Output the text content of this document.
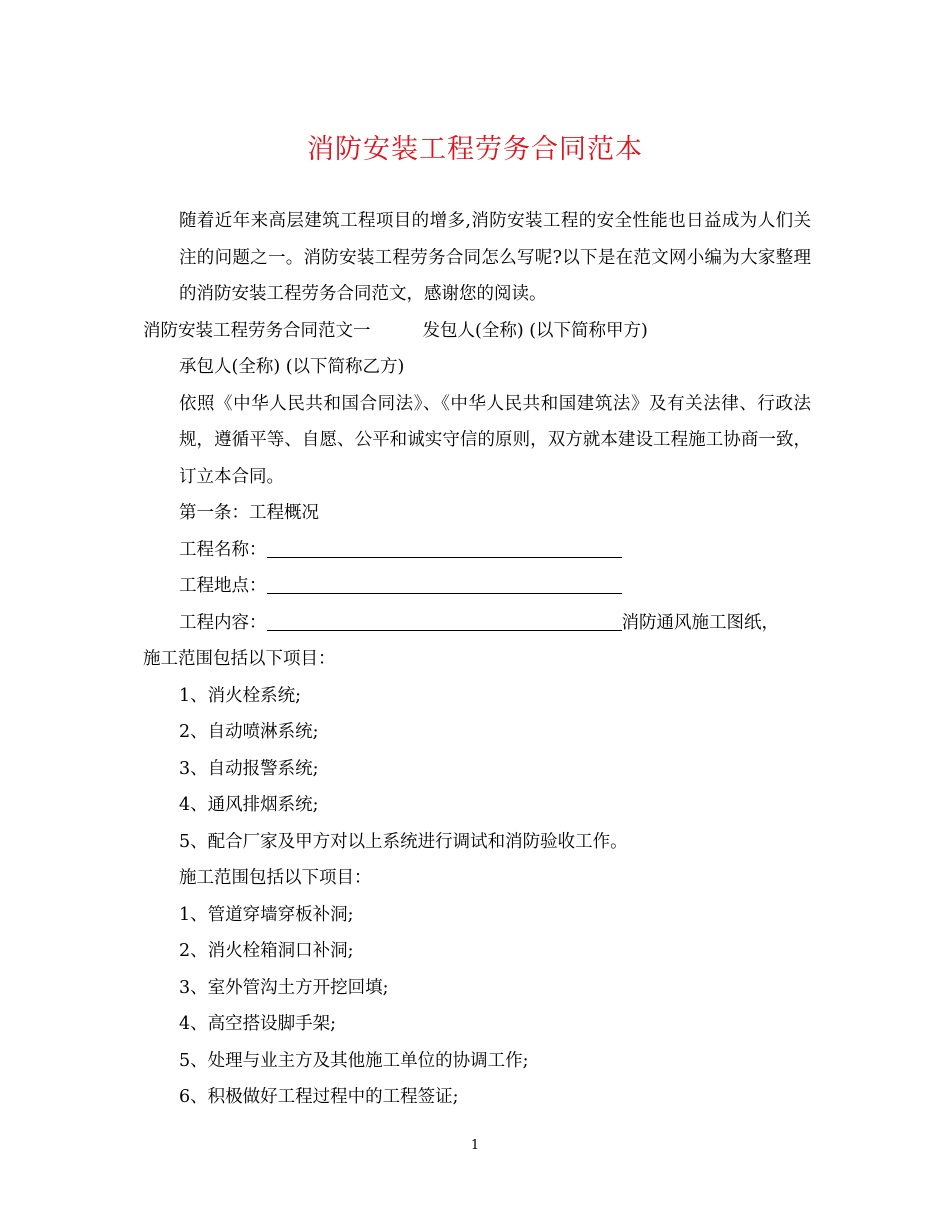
消防安装工程劳务合同范本

随着近年来高层建筑工程项目的增多,消防安装工程的安全性能也日益成为人们关注的问题之一。消防安装工程劳务合同怎么写呢?以下是在范文网小编为大家整理的消防安装工程劳务合同范文，感谢您的阅读。

消防安装工程劳务合同范文一	发包人(全称) (以下简称甲方)

承包人(全称) (以下简称乙方)

依照《中华人民共和国合同法》、《中华人民共和国建筑法》及有关法律、行政法规，遵循平等、自愿、公平和诚实守信的原则，双方就本建设工程施工协商一致，订立本合同。

第一条：工程概况

工程名称：

工程地点：

工程内容：	消防通风施工图纸，

施工范围包括以下项目：

1、消火栓系统;

2、自动喷淋系统;

3、自动报警系统;

4、通风排烟系统;

5、配合厂家及甲方对以上系统进行调试和消防验收工作。

施工范围包括以下项目：

1、管道穿墙穿板补洞;

2、消火栓箱洞口补洞;

3、室外管沟土方开挖回填;

4、高空搭设脚手架;

5、处理与业主方及其他施工单位的协调工作;

6、积极做好工程过程中的工程签证;

1
